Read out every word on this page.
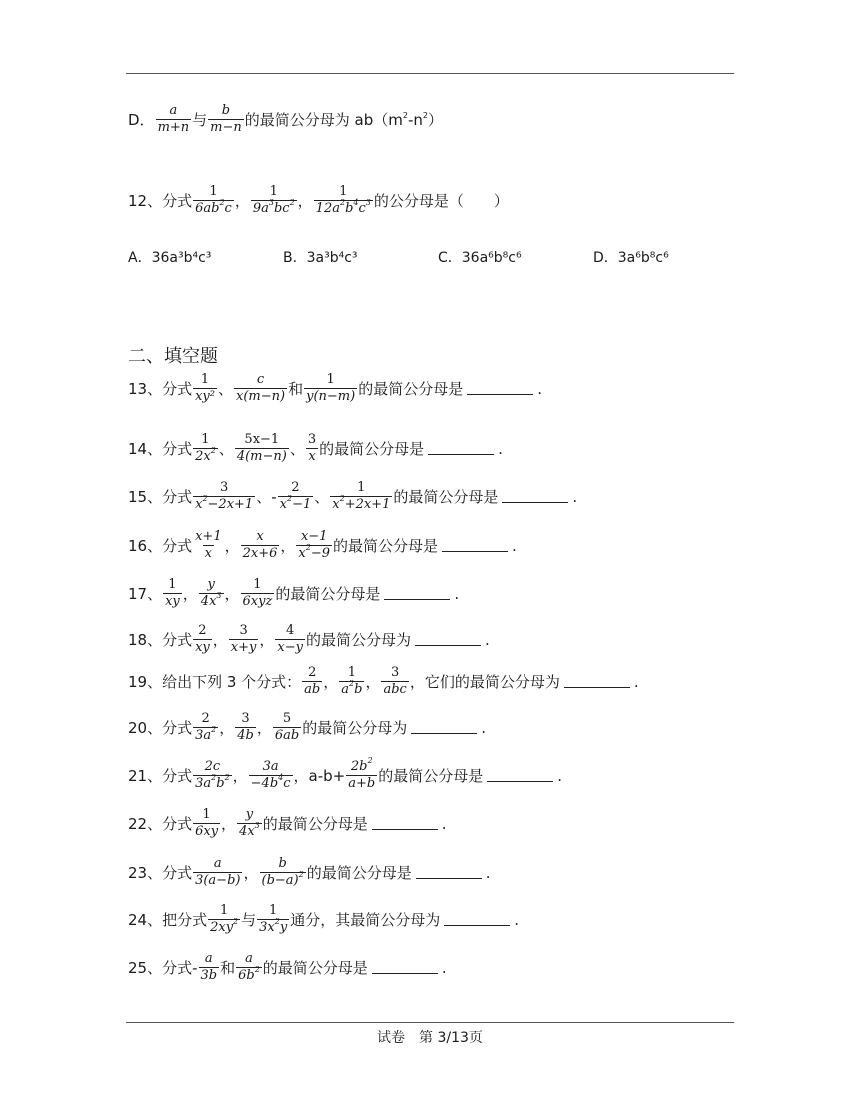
D． $\frac{a}{m+n}$ 与 $\frac{b}{m-n}$ 的最简公分母为 $ab(m^2-n^2)$
12、分式 $\frac{1}{6ab^2c}$ ， $\frac{1}{9a^3bc^2}$ ， $\frac{1}{12a^2b^4c^3}$ 的公分母是（　　）
A．36a³b⁴c³	B．3a³b⁴c³	C．36a⁶b⁸c⁶	D．3a⁶b⁸c⁶
二、填空题
13、分式 $\frac{1}{\text{xy²}}$ 、 $\frac{c}{x(m-n)}$ 和 $\frac{1}{y(n-m)}$ 的最简公分母是	.
14、分式 $\frac{1}{2x^2}$ 、 $\frac{5x-1}{4(m-n)}$ 、 $\frac{3}{x}$ 的最简公分母是	.
15、分式 $\frac{3}{x^2-2x+1}$ 、- $\frac{2}{x^2-1}$ 、 $\frac{1}{x^2+2x+1}$ 的最简公分母是	.
16、分式 $\frac{x+1}{x}$ ， $\frac{x}{2x+6}$ ， $\frac{x-1}{x^2-9}$ 的最简公分母是	.
17、 $\frac{1}{xy}$ ， $\frac{y}{4x^3}$ ， $\frac{1}{\text{6xyz}}$ 的最简公分母是	.
18、分式 $\frac{2}{xy}$ ， $\frac{3}{x+y}$ ， $\frac{4}{x-y}$ 的最简公分母为	.
19、给出下列 3 个分式： $\frac{2}{ab}$ ， $\frac{1}{a^2b}$ ， $\frac{3}{\text{abc}}$ ，它们的最简公分母为	.
20、分式 $\frac{2}{3a^2}$ ， $\frac{3}{4b}$ ， $\frac{5}{6ab}$ 的最简公分母为	.
21、分式 $\frac{2c}{3a^2b^2}$ ， $\frac{3a}{-4b^4c}$ ，$a-b+ \frac{2b^2}{a+b}$ 的最简公分母是	.
22、分式 $\frac{1}{6xy}$ ， $\frac{y}{4x^3}$ 的最简公分母是	.
23、分式 $\frac{a}{3(a-b)}$ ， $\frac{b}{(b-a)^2}$ 的最简公分母是	.
24、把分式 $\frac{1}{2xy^2}$ 与 $\frac{1}{3x^2y}$ 通分，其最简公分母为	.
25、分式- $\frac{a}{3b}$ 和 $\frac{a}{6b^2}$ 的最简公分母是	.
试卷　第 3/13页
